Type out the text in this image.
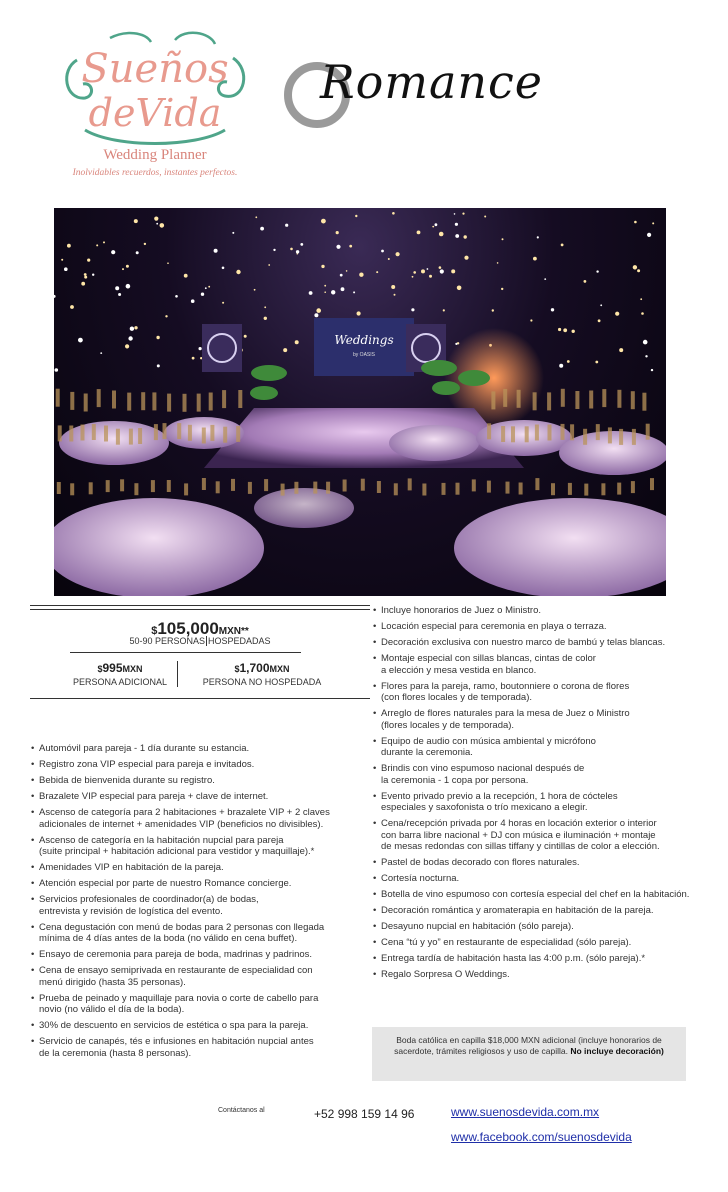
Sueños
deVida
Wedding Planner
Inolvidables recuerdos, instantes perfectos.
Romance
Weddings
by OASIS
$105,000MXN**
50-90 PERSONAS HOSPEDADAS
$995MXN
PERSONA ADICIONAL
$1,700MXN
PERSONA NO HOSPEDADA
• Automóvil para pareja - 1 día durante su estancia.
• Registro zona VIP especial para pareja e invitados.
• Bebida de bienvenida durante su registro.
• Brazalete VIP especial para pareja + clave de internet.
• Ascenso de categoría para 2 habitaciones + brazalete VIP + 2 claves
adicionales de internet + amenidades VIP (beneficios no divisibles).
• Ascenso de categoría en la habitación nupcial para pareja
(suite principal + habitación adicional para vestidor y maquillaje).*
• Amenidades VIP en habitación de la pareja.
• Atención especial por parte de nuestro Romance concierge.
• Servicios profesionales de coordinador(a) de bodas,
entrevista y revisión de logística del evento.
• Cena degustación con menú de bodas para 2 personas con llegada
mínima de 4 días antes de la boda (no válido en cena buffet).
• Ensayo de ceremonia para pareja de boda, madrinas y padrinos.
• Cena de ensayo semiprivada en restaurante de especialidad con
menú dirigido (hasta 35 personas).
• Prueba de peinado y maquillaje para novia o corte de cabello para
novio (no válido el día de la boda).
• 30% de descuento en servicios de estética o spa para la pareja.
• Servicio de canapés, tés e infusiones en habitación nupcial antes
de la ceremonia (hasta 8 personas).
• Incluye honorarios de Juez o Ministro.
• Locación especial para ceremonia en playa o terraza.
• Decoración exclusiva con nuestro marco de bambú y telas blancas.
• Montaje especial con sillas blancas, cintas de color
a elección y mesa vestida en blanco.
• Flores para la pareja, ramo, boutonniere o corona de flores
(con flores locales y de temporada).
• Arreglo de flores naturales para la mesa de Juez o Ministro
(flores locales y de temporada).
• Equipo de audio con música ambiental y micrófono
durante la ceremonia.
• Brindis con vino espumoso nacional después de
la ceremonia - 1 copa por persona.
• Evento privado previo a la recepción, 1 hora de cócteles
especiales y saxofonista o trío mexicano a elegir.
• Cena/recepción privada por 4 horas en locación exterior o interior
con barra libre nacional + DJ con música e iluminación + montaje
de mesas redondas con sillas tiffany y cintillas de color a elección.
• Pastel de bodas decorado con flores naturales.
• Cortesía nocturna.
• Botella de vino espumoso con cortesía especial del chef en la habitación.
• Decoración romántica y aromaterapia en habitación de la pareja.
• Desayuno nupcial en habitación (sólo pareja).
• Cena “tú y yo” en restaurante de especialidad (sólo pareja).
• Entrega tardía de habitación hasta las 4:00 p.m. (sólo pareja).*
• Regalo Sorpresa O Weddings.
Boda católica en capilla $18,000 MXN adicional (incluye honorarios de sacerdote, trámites religiosos y uso de capilla. No incluye decoración)
Contáctanos al	+52 998 159 14 96	www.suenosdevida.com.mx
www.facebook.com/suenosdevida
